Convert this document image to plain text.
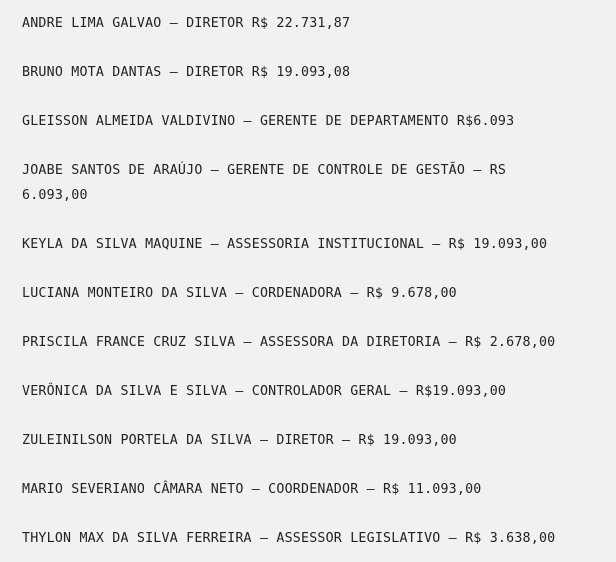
ANDRE LIMA GALVAO – DIRETOR R$ 22.731,87

BRUNO MOTA DANTAS – DIRETOR R$ 19.093,08

GLEISSON ALMEIDA VALDIVINO – GERENTE DE DEPARTAMENTO R$6.093

JOABE SANTOS DE ARAÚJO – GERENTE DE CONTROLE DE GESTÃO – RS
6.093,00

KEYLA DA SILVA MAQUINE – ASSESSORIA INSTITUCIONAL – R$ 19.093,00

LUCIANA MONTEIRO DA SILVA – CORDENADORA – R$ 9.678,00

PRISCILA FRANCE CRUZ SILVA – ASSESSORA DA DIRETORIA – R$ 2.678,00

VERÔNICA DA SILVA E SILVA – CONTROLADOR GERAL – R$19.093,00

ZULEINILSON PORTELA DA SILVA – DIRETOR – R$ 19.093,00

MARIO SEVERIANO CÂMARA NETO – COORDENADOR – R$ 11.093,00

THYLON MAX DA SILVA FERREIRA – ASSESSOR LEGISLATIVO – R$ 3.638,00
